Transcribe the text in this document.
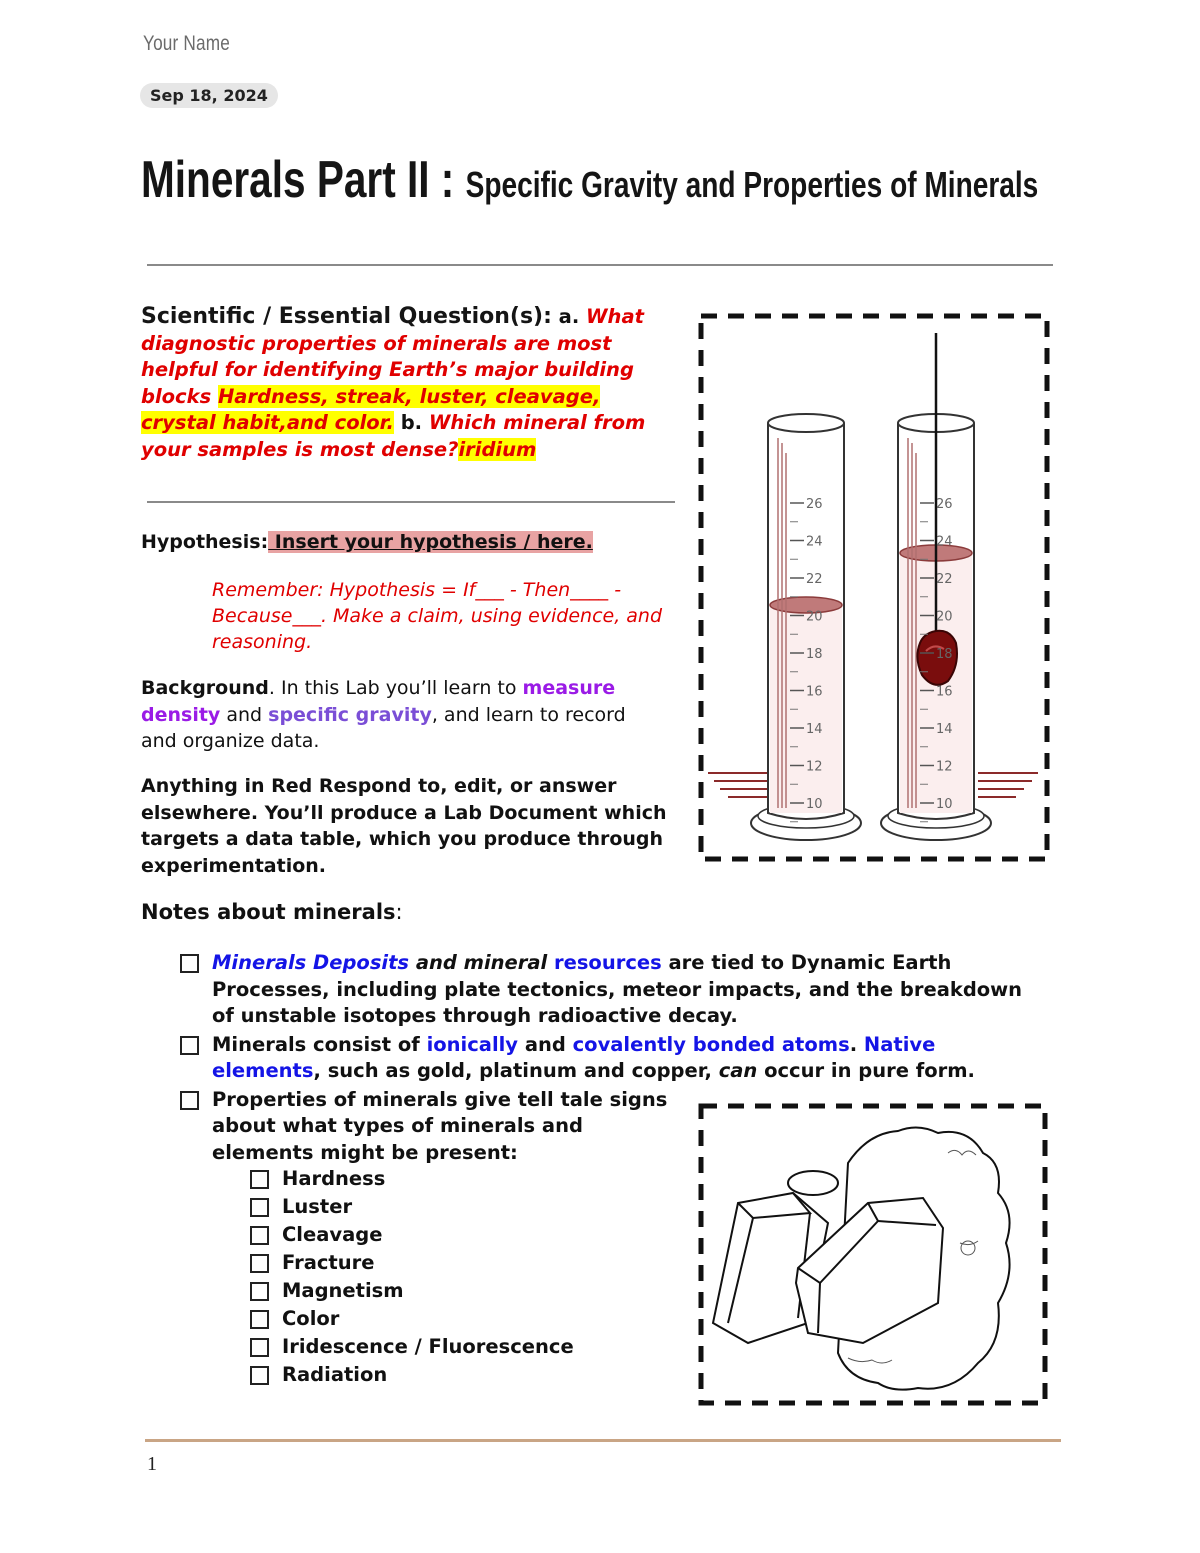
Your Name
Sep 18, 2024
Minerals Part II : Specific Gravity and Properties of Minerals
Scientific / Essential Question(s): a. What diagnostic properties of minerals are most helpful for identifying Earth’s major building blocks Hardness, streak, luster, cleavage, crystal habit,and color. b. Which mineral from your samples is most dense?iridium
Hypothesis: Insert your hypothesis / here.
Remember: Hypothesis = If___ - Then____ - Because___. Make a claim, using evidence, and reasoning.
Background. In this Lab you’ll learn to measure density and specific gravity, and learn to record and organize data.
Anything in Red Respond to, edit, or answer elsewhere. You’ll produce a Lab Document which targets a data table, which you produce through experimentation.
Notes about minerals:
Minerals Deposits and mineral resources are tied to Dynamic Earth Processes, including plate tectonics, meteor impacts, and the breakdown of unstable isotopes through radioactive decay.
Minerals consist of ionically and covalently bonded atoms. Native elements, such as gold, platinum and copper, can occur in pure form.
Properties of minerals give tell tale signs about what types of minerals and elements might be present:
Hardness
Luster
Cleavage
Fracture
Magnetism
Color
Iridescence / Fluorescence
Radiation
26
24
22
20
18
16
14
12
10
26
24
22
20
18
16
14
12
10
1
